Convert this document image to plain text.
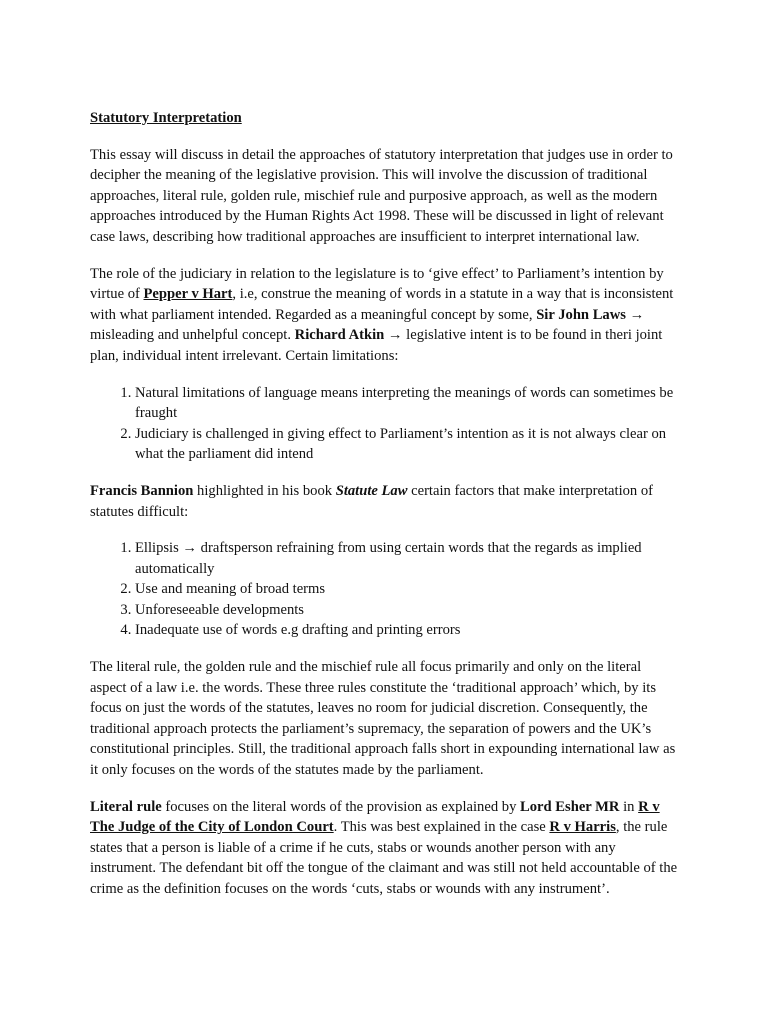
Statutory Interpretation

This essay will discuss in detail the approaches of statutory interpretation that judges use in order to decipher the meaning of the legislative provision. This will involve the discussion of traditional approaches, literal rule, golden rule, mischief rule and purposive approach, as well as the modern approaches introduced by the Human Rights Act 1998. These will be discussed in light of relevant case laws, describing how traditional approaches are insufficient to interpret international law.

The role of the judiciary in relation to the legislature is to ‘give effect’ to Parliament’s intention by virtue of Pepper v Hart, i.e, construe the meaning of words in a statute in a way that is inconsistent with what parliament intended. Regarded as a meaningful concept by some, Sir John Laws → misleading and unhelpful concept. Richard Atkin → legislative intent is to be found in theri joint plan, individual intent irrelevant. Certain limitations:

1. Natural limitations of language means interpreting the meanings of words can sometimes be fraught
2. Judiciary is challenged in giving effect to Parliament’s intention as it is not always clear on what the parliament did intend

Francis Bannion highlighted in his book Statute Law certain factors that make interpretation of statutes difficult:

1. Ellipsis → draftsperson refraining from using certain words that the regards as implied automatically
2. Use and meaning of broad terms
3. Unforeseeable developments
4. Inadequate use of words e.g drafting and printing errors

The literal rule, the golden rule and the mischief rule all focus primarily and only on the literal aspect of a law i.e. the words. These three rules constitute the ‘traditional approach’ which, by its focus on just the words of the statutes, leaves no room for judicial discretion. Consequently, the traditional approach protects the parliament’s supremacy, the separation of powers and the UK’s constitutional principles. Still, the traditional approach falls short in expounding international law as it only focuses on the words of the statutes made by the parliament.

Literal rule focuses on the literal words of the provision as explained by Lord Esher MR in R v The Judge of the City of London Court. This was best explained in the case R v Harris, the rule states that a person is liable of a crime if he cuts, stabs or wounds another person with any instrument. The defendant bit off the tongue of the claimant and was still not held accountable of the crime as the definition focuses on the words ‘cuts, stabs or wounds with any instrument’.
